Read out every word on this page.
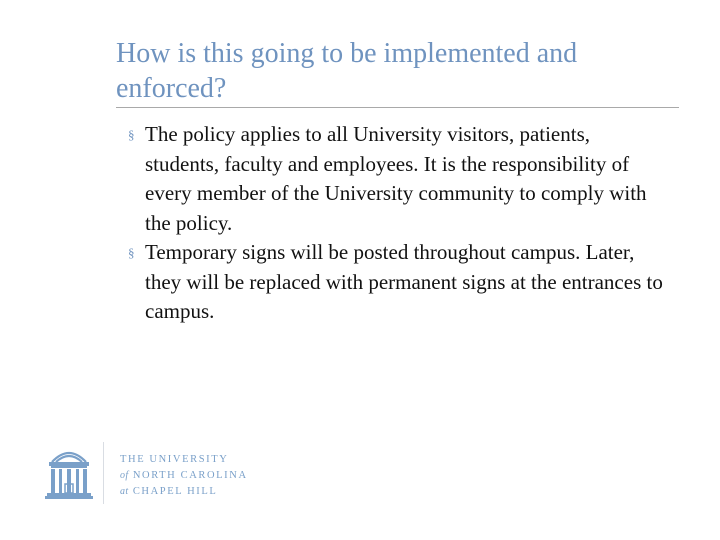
How is this going to be implemented and enforced?
§ The policy applies to all University visitors, patients, students, faculty and employees. It is the responsibility of every member of the University community to comply with the policy.
§ Temporary signs will be posted throughout campus. Later, they will be replaced with permanent signs at the entrances to campus.
THE UNIVERSITY
of NORTH CAROLINA
at CHAPEL HILL
